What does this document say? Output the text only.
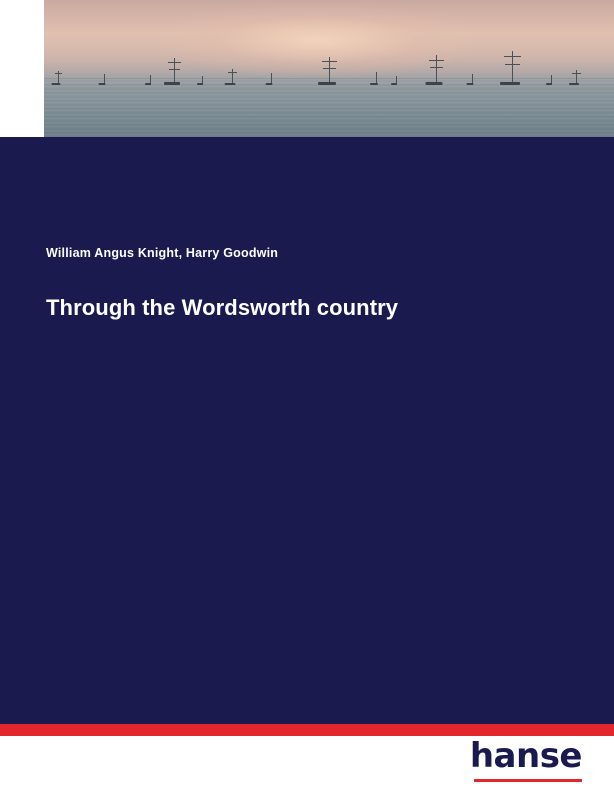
William Angus Knight, Harry Goodwin
Through the Wordsworth country
hanse
